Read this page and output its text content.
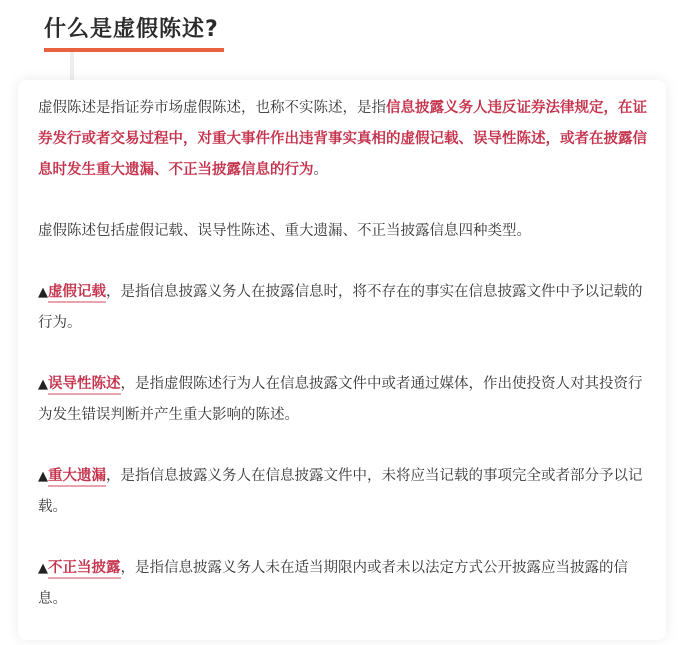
什么是虚假陈述?

虚假陈述是指证券市场虚假陈述，也称不实陈述，是指信息披露义务人违反证券法律规定，在证券发行或者交易过程中，对重大事件作出违背事实真相的虚假记载、误导性陈述，或者在披露信息时发生重大遗漏、不正当披露信息的行为。

虚假陈述包括虚假记载、误导性陈述、重大遗漏、不正当披露信息四种类型。

▲虚假记载，是指信息披露义务人在披露信息时，将不存在的事实在信息披露文件中予以记载的行为。

▲误导性陈述，是指虚假陈述行为人在信息披露文件中或者通过媒体，作出使投资人对其投资行为发生错误判断并产生重大影响的陈述。

▲重大遗漏，是指信息披露义务人在信息披露文件中，未将应当记载的事项完全或者部分予以记载。

▲不正当披露，是指信息披露义务人未在适当期限内或者未以法定方式公开披露应当披露的信息。
